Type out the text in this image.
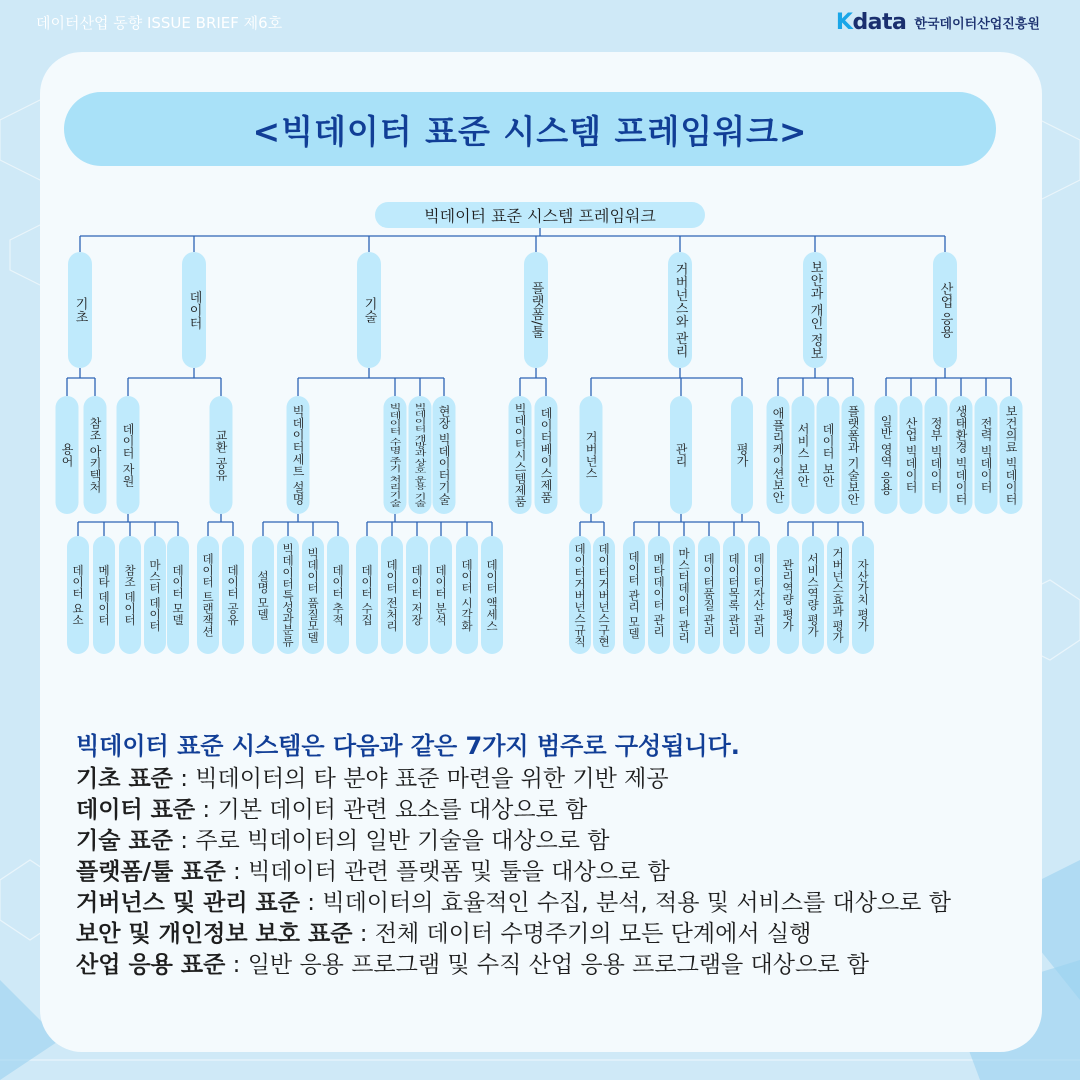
데이터산업 동향 ISSUE BRIEF 제6호	Kdata 한국데이터산업진흥원
<빅데이터 표준 시스템 프레임워크>
빅데이터 표준 시스템 프레임워크
기초
용어 참조 아키텍처
데이터
데이터 자원
데이터 요소 메타 데이터 참조 데이터 마스터 데이터 데이터 모델
교환 공유
데이터 트랜잭션 데이터 공유
기술
빅데이터세트 설명
설명 모델 빅데이터특성과분류 빅데이터 품질모델 데이터 추적
빅데이터 수명 주기 처리기술
데이터 수집 데이터 전처리 데이터 저장 데이터 분석 데이터 시각화 데이터 액세스
빅데이터 개방과 상호 운용 기술 현장 빅데이터기술
플랫폼/툴
빅데이터시스템제품 데이터베이스제품
거버넌스와 관리
거버넌스
데이터거버넌스규칙 데이터거버넌스구현
관리
데이터 관리 모델 메타데이터 관리 마스터데이터 관리 데이터품질 관리 데이터목록 관리 데이터자산 관리
평가
관리역량 평가 서비스역량 평가 거버넌스효과 평가 자산가치 평가
보안과 개인 정보
애플리케이션보안 서비스 보안 데이터 보안 플랫폼과 기술보안
산업 응용
일반 영역 응용 산업 빅데이터 정부 빅데이터 생태환경 빅데이터 전력 빅데이터 보건의료 빅데이터
빅데이터 표준 시스템은 다음과 같은 7가지 범주로 구성됩니다.
기초 표준 : 빅데이터의 타 분야 표준 마련을 위한 기반 제공
데이터 표준 : 기본 데이터 관련 요소를 대상으로 함
기술 표준 : 주로 빅데이터의 일반 기술을 대상으로 함
플랫폼/툴 표준 : 빅데이터 관련 플랫폼 및 툴을 대상으로 함
거버넌스 및 관리 표준 : 빅데이터의 효율적인 수집, 분석, 적용 및 서비스를 대상으로 함
보안 및 개인정보 보호 표준 : 전체 데이터 수명주기의 모든 단계에서 실행
산업 응용 표준 : 일반 응용 프로그램 및 수직 산업 응용 프로그램을 대상으로 함
